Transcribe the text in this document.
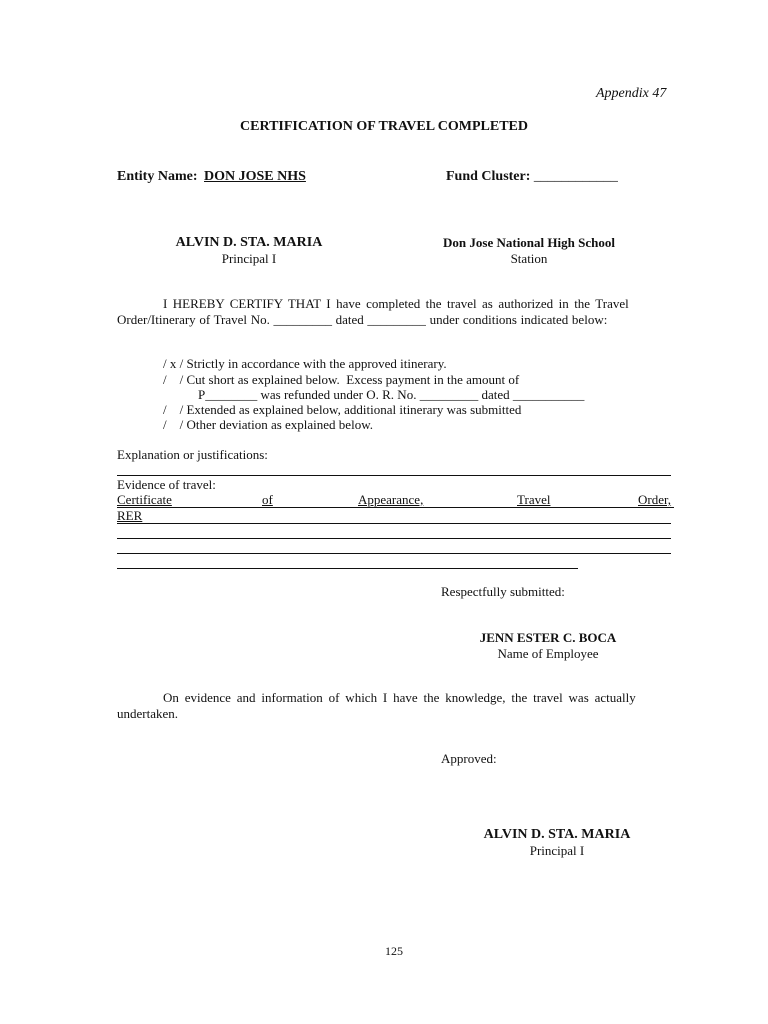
Appendix 47
CERTIFICATION OF TRAVEL COMPLETED
Entity Name: DON JOSE NHS	Fund Cluster: ____________
ALVIN D. STA. MARIA
Principal I
Don Jose National High School
Station
I HEREBY CERTIFY THAT I have completed the travel as authorized in the Travel
Order/Itinerary of Travel No. _________ dated _________ under conditions indicated below:
/ x / Strictly in accordance with the approved itinerary.
/    / Cut short as explained below.  Excess payment in the amount of
P________ was refunded under O. R. No. _________ dated ___________
/    / Extended as explained below, additional itinerary was submitted
/    / Other deviation as explained below.
Explanation or justifications:
Evidence of travel:
Certificate	of	Appearance,	Travel	Order,
RER
Respectfully submitted:
JENN ESTER C. BOCA
Name of Employee
On evidence and information of which I have the knowledge, the travel was actually
undertaken.
Approved:
ALVIN D. STA. MARIA
Principal I
125
